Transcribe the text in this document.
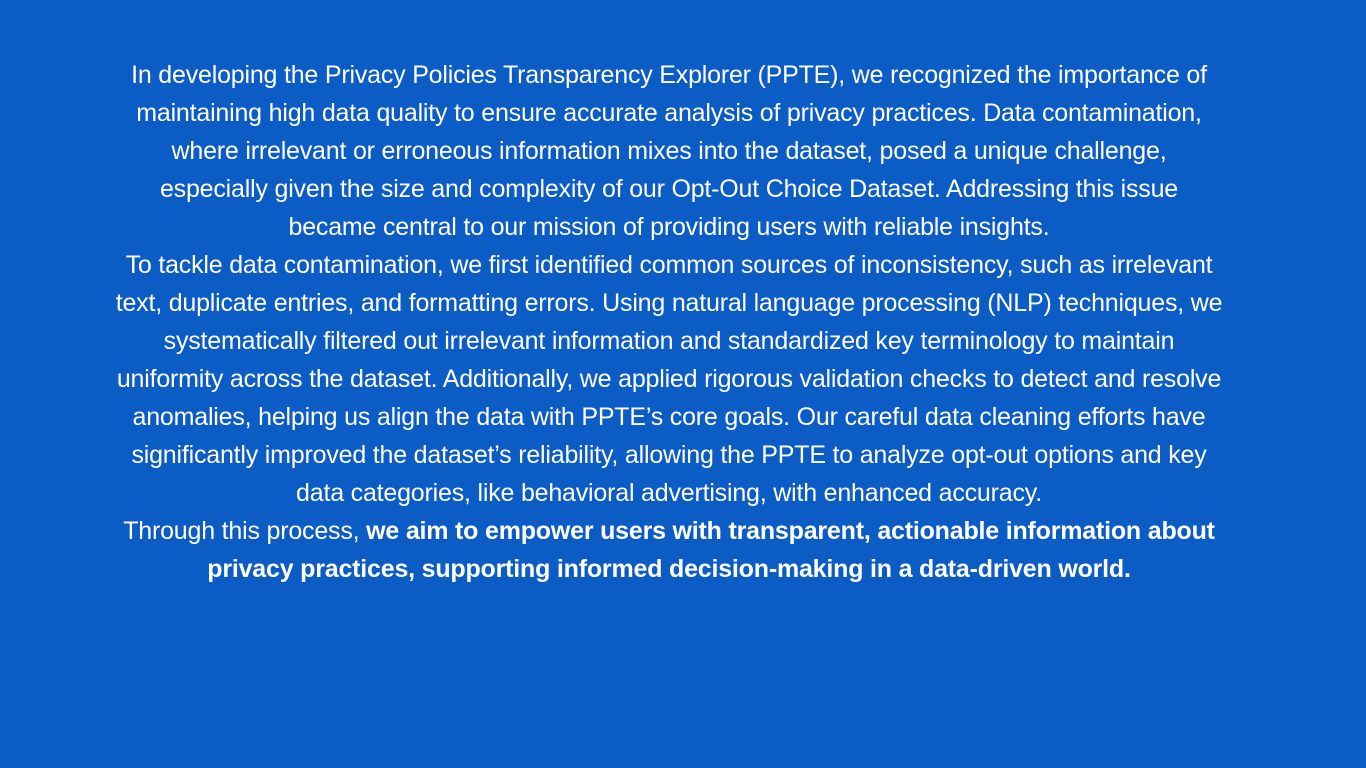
In developing the Privacy Policies Transparency Explorer (PPTE), we recognized the importance of maintaining high data quality to ensure accurate analysis of privacy practices. Data contamination, where irrelevant or erroneous information mixes into the dataset, posed a unique challenge, especially given the size and complexity of our Opt-Out Choice Dataset. Addressing this issue became central to our mission of providing users with reliable insights.

To tackle data contamination, we first identified common sources of inconsistency, such as irrelevant text, duplicate entries, and formatting errors. Using natural language processing (NLP) techniques, we systematically filtered out irrelevant information and standardized key terminology to maintain uniformity across the dataset. Additionally, we applied rigorous validation checks to detect and resolve anomalies, helping us align the data with PPTE’s core goals. Our careful data cleaning efforts have significantly improved the dataset’s reliability, allowing the PPTE to analyze opt-out options and key data categories, like behavioral advertising, with enhanced accuracy.

Through this process, we aim to empower users with transparent, actionable information about privacy practices, supporting informed decision-making in a data-driven world.
